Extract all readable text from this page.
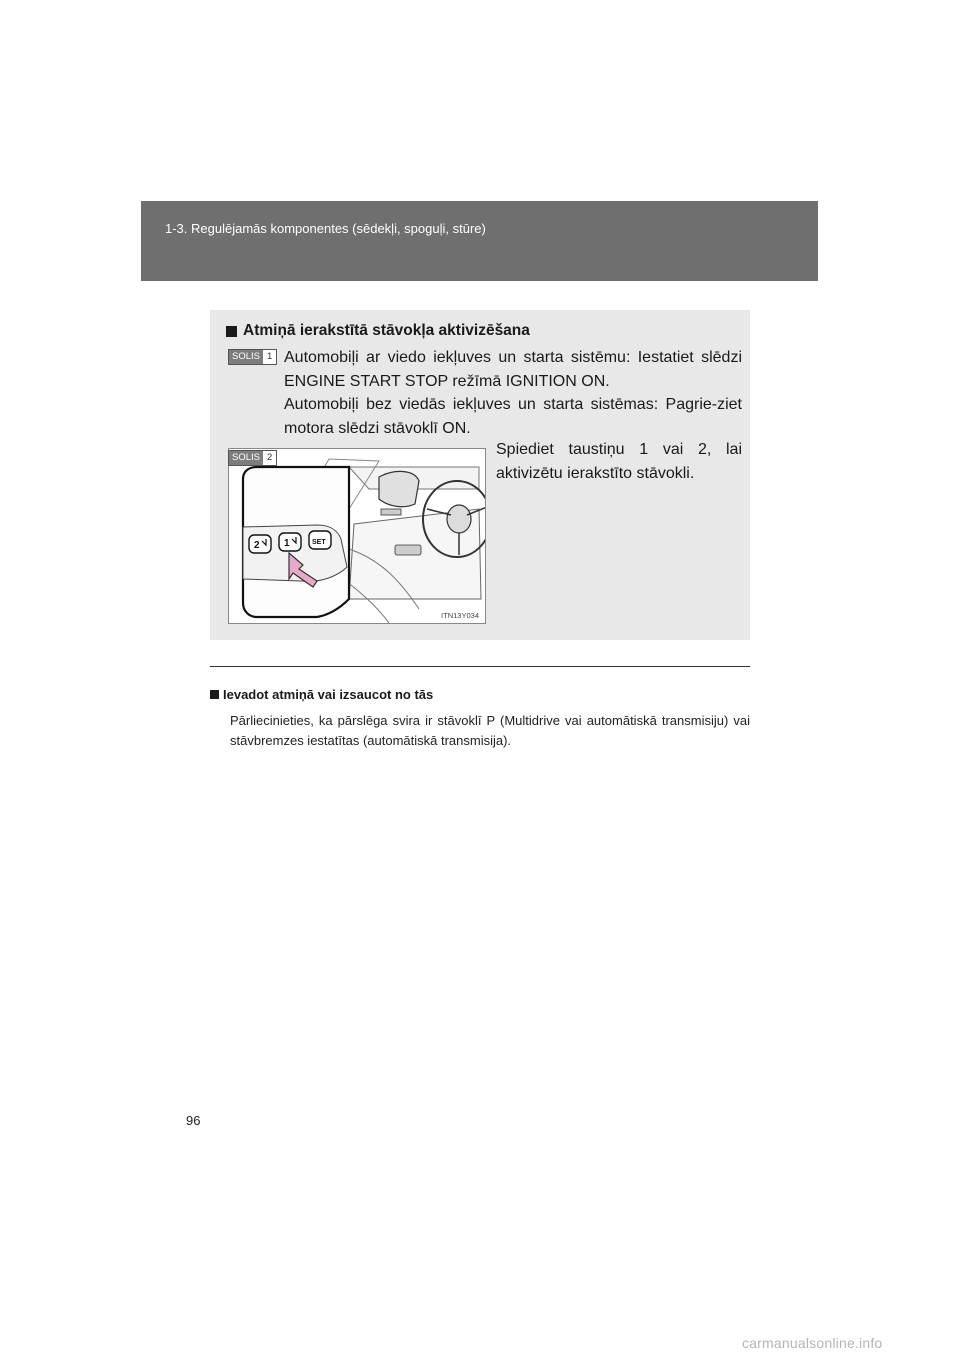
1-3. Regulējamās komponentes (sēdekļi, spoguļi, stūre)
Atmiņā ierakstītā stāvokļa aktivizēšana
SOLIS 1 Automobiļi ar viedo iekļuves un starta sistēmu: Iestatiet slēdzi ENGINE START STOP režīmā IGNITION ON.

Automobiļi bez viedās iekļuves un starta sistēmas: Pagrie-ziet motora slēdzi stāvoklī ON.

2 1	SET
SOLIS 2
ITN13Y034
Spiediet taustiņu 1 vai 2, lai aktivizētu ierakstīto stāvokli.
Ievadot atmiņā vai izsaucot no tās
Pārliecinieties, ka pārslēga svira ir stāvoklī P (Multidrive vai automātiskā transmisiju) vai stāvbremzes iestatītas (automātiskā transmisija).
96
carmanualsonline.info
